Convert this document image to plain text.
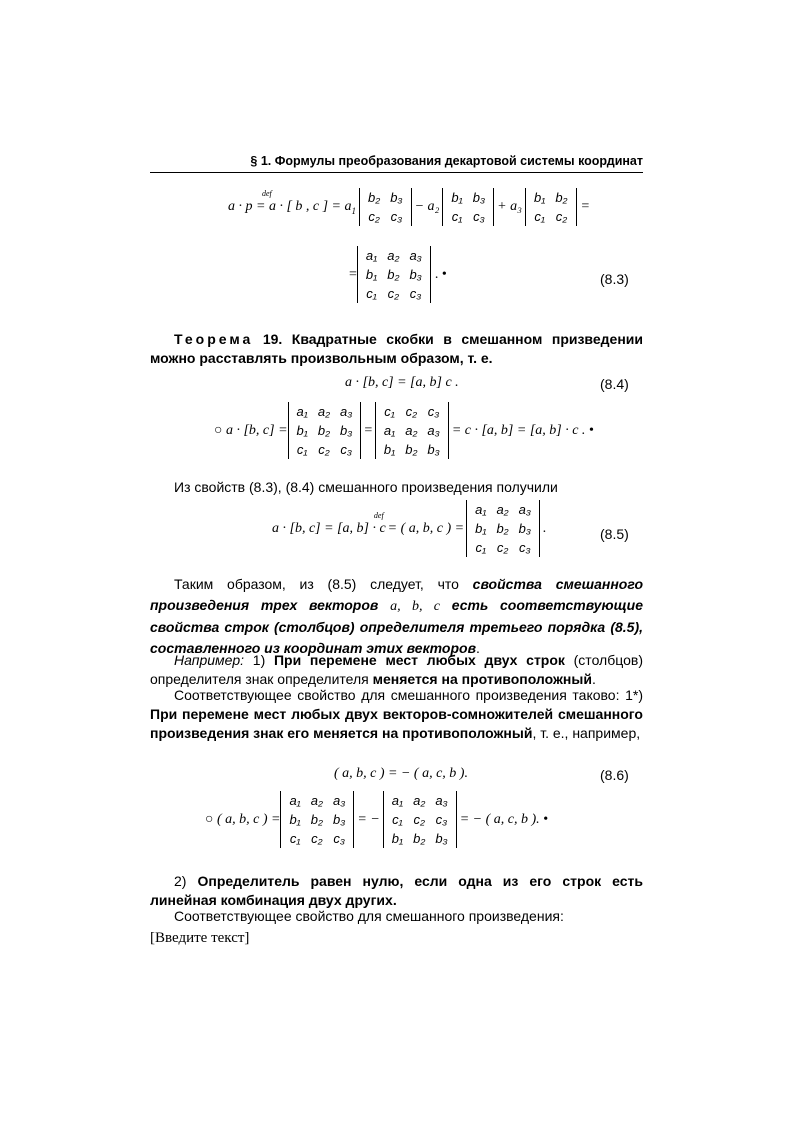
§ 1. Формулы преобразования декартовой системы координат
def
a · p = a · [ b , c ] = $a_1$
b₂	b₃
c₂	c₃
− a₂
b₁	b₃
c₁	c₃
+ a₃
b₁	b₂
c₁	c₂
=
=
a₁	a₂	a₃
b₁	b₂	b₃
c₁	c₂	c₃
. •	(8.3)
Теорема 19. Квадратные скобки в смешанном призведении можно расставлять произвольным образом, т. е.
a · [b, c] = [a, b] c .	(8.4)
○ a · [b, c] =
a₁	a₂	a₃
b₁	b₂	b₃
c₁	c₂	c₃
=
c₁	c₂	c₃
a₁	a₂	a₃
b₁	b₂	b₃
= c · [a, b] = [a, b] · c . •
Из свойств (8.3), (8.4) смешанного произведения получили
def
a · [b, c] = [a, b] · c = ( a, b, c ) =
a₁	a₂	a₃
b₁	b₂	b₃
c₁	c₂	c₃
.	(8.5)
Таким образом, из (8.5) следует, что свойства смешанного произведения трех векторов a, b, c есть соответствующие свойства строк (столбцов) определителя третьего порядка (8.5), составленного из координат этих векторов.
Например: 1) При перемене мест любых двух строк (столбцов) определителя знак определителя меняется на противоположный.
Соответствующее свойство для смешанного произведения таково: 1*) При перемене мест любых двух векторов-сомножителей смешанного произведения знак его меняется на противоположный, т. е., например,
( a, b, c ) = − ( a, c, b ).	(8.6)
○ ( a, b, c ) =
a₁	a₂	a₃
b₁	b₂	b₃
c₁	c₂	c₃
= −
a₁	a₂	a₃
c₁	c₂	c₃
b₁	b₂	b₃
= − ( a, c, b ). •
2) Определитель равен нулю, если одна из его строк есть линейная комбинация двух других.
Соответствующее свойство для смешанного произведения:
[Введите текст]
